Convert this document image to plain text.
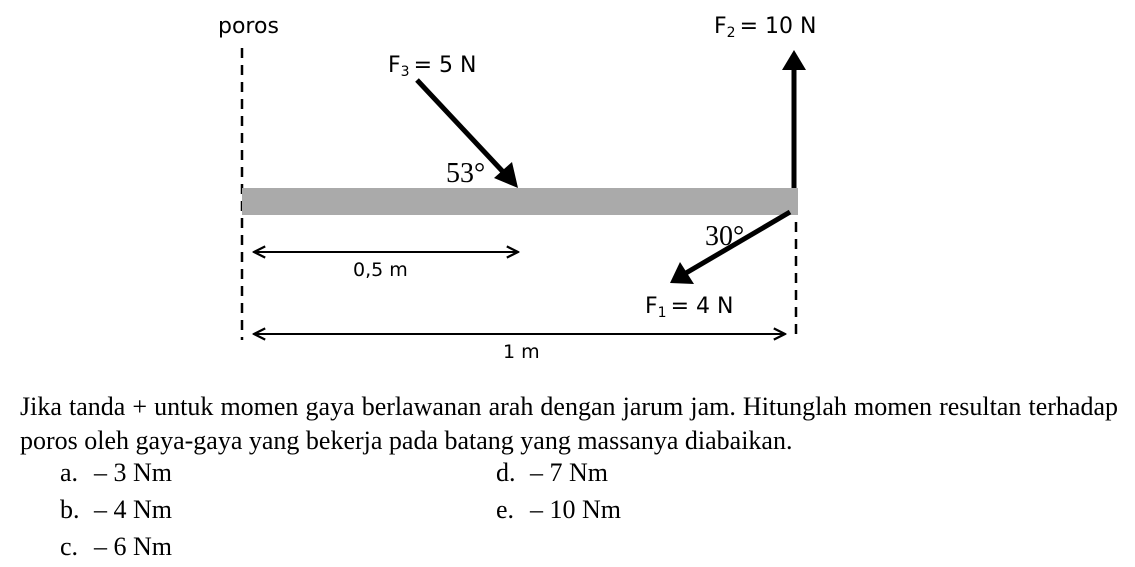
poros	F2 = 10 N
F3 = 5 N
53°
30°
F1 = 4 N
0,5 m
1 m
Jika tanda + untuk momen gaya berlawanan arah dengan jarum jam. Hitunglah momen resultan terhadap poros oleh gaya-gaya yang bekerja pada batang yang massanya diabaikan.
a. – 3 Nm
b. – 4 Nm
c. – 6 Nm
d. – 7 Nm
e. – 10 Nm
